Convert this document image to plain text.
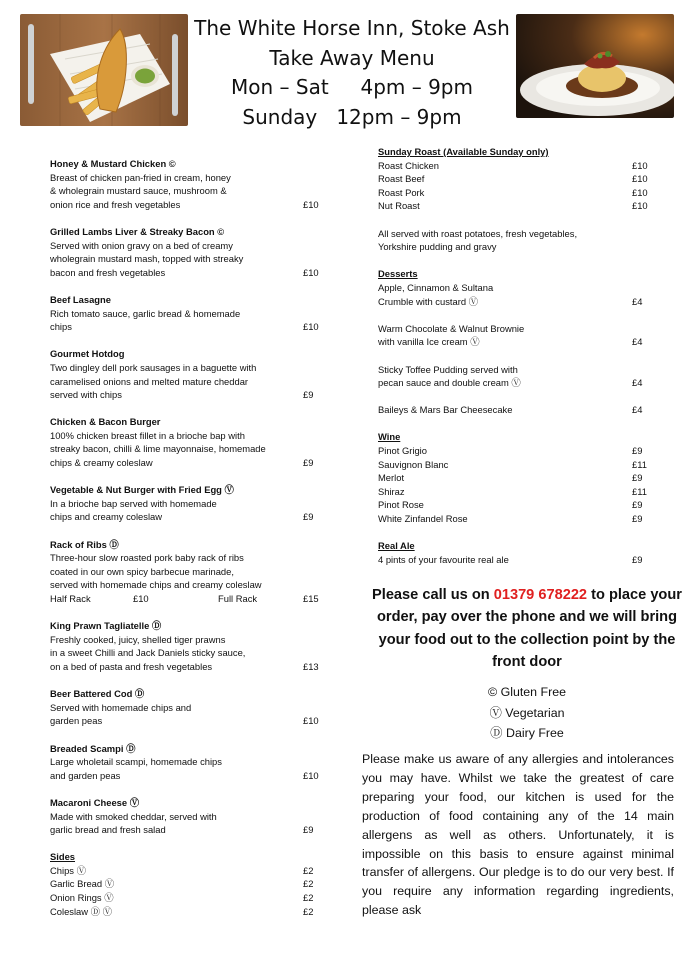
The White Horse Inn, Stoke Ash
Take Away Menu
Mon – Sat     4pm – 9pm
Sunday   12pm – 9pm
Honey & Mustard Chicken ©
Breast of chicken pan-fried in cream, honey
& wholegrain mustard sauce, mushroom &
onion rice and fresh vegetables	£10
Grilled Lambs Liver & Streaky Bacon ©
Served with onion gravy on a bed of creamy
wholegrain mustard mash, topped with streaky
bacon and fresh vegetables	£10
Beef Lasagne
Rich tomato sauce, garlic bread & homemade
chips	£10
Gourmet Hotdog
Two dingley dell pork sausages in a baguette with
caramelised onions and melted mature cheddar
served with chips	£9
Chicken & Bacon Burger
100% chicken breast fillet in a brioche bap with
streaky bacon, chilli & lime mayonnaise, homemade
chips & creamy coleslaw	£9
Vegetable & Nut Burger with Fried Egg Ⓥ
In a brioche bap served with homemade
chips and creamy coleslaw	£9
Rack of Ribs Ⓓ
Three-hour slow roasted pork baby rack of ribs
coated in our own spicy barbecue marinade,
served with homemade chips and creamy coleslaw
Half Rack	£10	Full Rack	£15
King Prawn Tagliatelle Ⓓ
Freshly cooked, juicy, shelled tiger prawns
in a sweet Chilli and Jack Daniels sticky sauce,
on a bed of pasta and fresh vegetables	£13
Beer Battered Cod Ⓓ
Served with homemade chips and
garden peas	£10
Breaded Scampi Ⓓ
Large wholetail scampi, homemade chips
and garden peas	£10
Macaroni Cheese Ⓥ
Made with smoked cheddar, served with
garlic bread and fresh salad	£9
Sides
Chips Ⓥ	£2
Garlic Bread Ⓥ	£2
Onion Rings Ⓥ	£2
Coleslaw Ⓓ Ⓥ	£2
Sunday Roast (Available Sunday only)
Roast Chicken	£10
Roast Beef	£10
Roast Pork	£10
Nut Roast	£10
All served with roast potatoes, fresh vegetables,
Yorkshire pudding and gravy
Desserts
Apple, Cinnamon & Sultana
Crumble with custard Ⓥ	£4
Warm Chocolate & Walnut Brownie
with vanilla Ice cream Ⓥ	£4
Sticky Toffee Pudding served with
pecan sauce and double cream Ⓥ	£4
Baileys & Mars Bar Cheesecake	£4
Wine
Pinot Grigio	£9
Sauvignon Blanc	£11
Merlot	£9
Shiraz	£11
Pinot Rose	£9
White Zinfandel Rose	£9
Real Ale
4 pints of your favourite real ale	£9
Please call us on 01379 678222 to place your order, pay over the phone and we will bring your food out to the collection point by the front door
© Gluten Free
Ⓥ Vegetarian
Ⓓ Dairy Free
Please make us aware of any allergies and intolerances you may have. Whilst we take the greatest of care preparing your food, our kitchen is used for the production of food containing any of the 14 main allergens as well as others. Unfortunately, it is impossible on this basis to ensure against minimal transfer of allergens. Our pledge is to do our very best. If you require any information regarding ingredients, please ask
